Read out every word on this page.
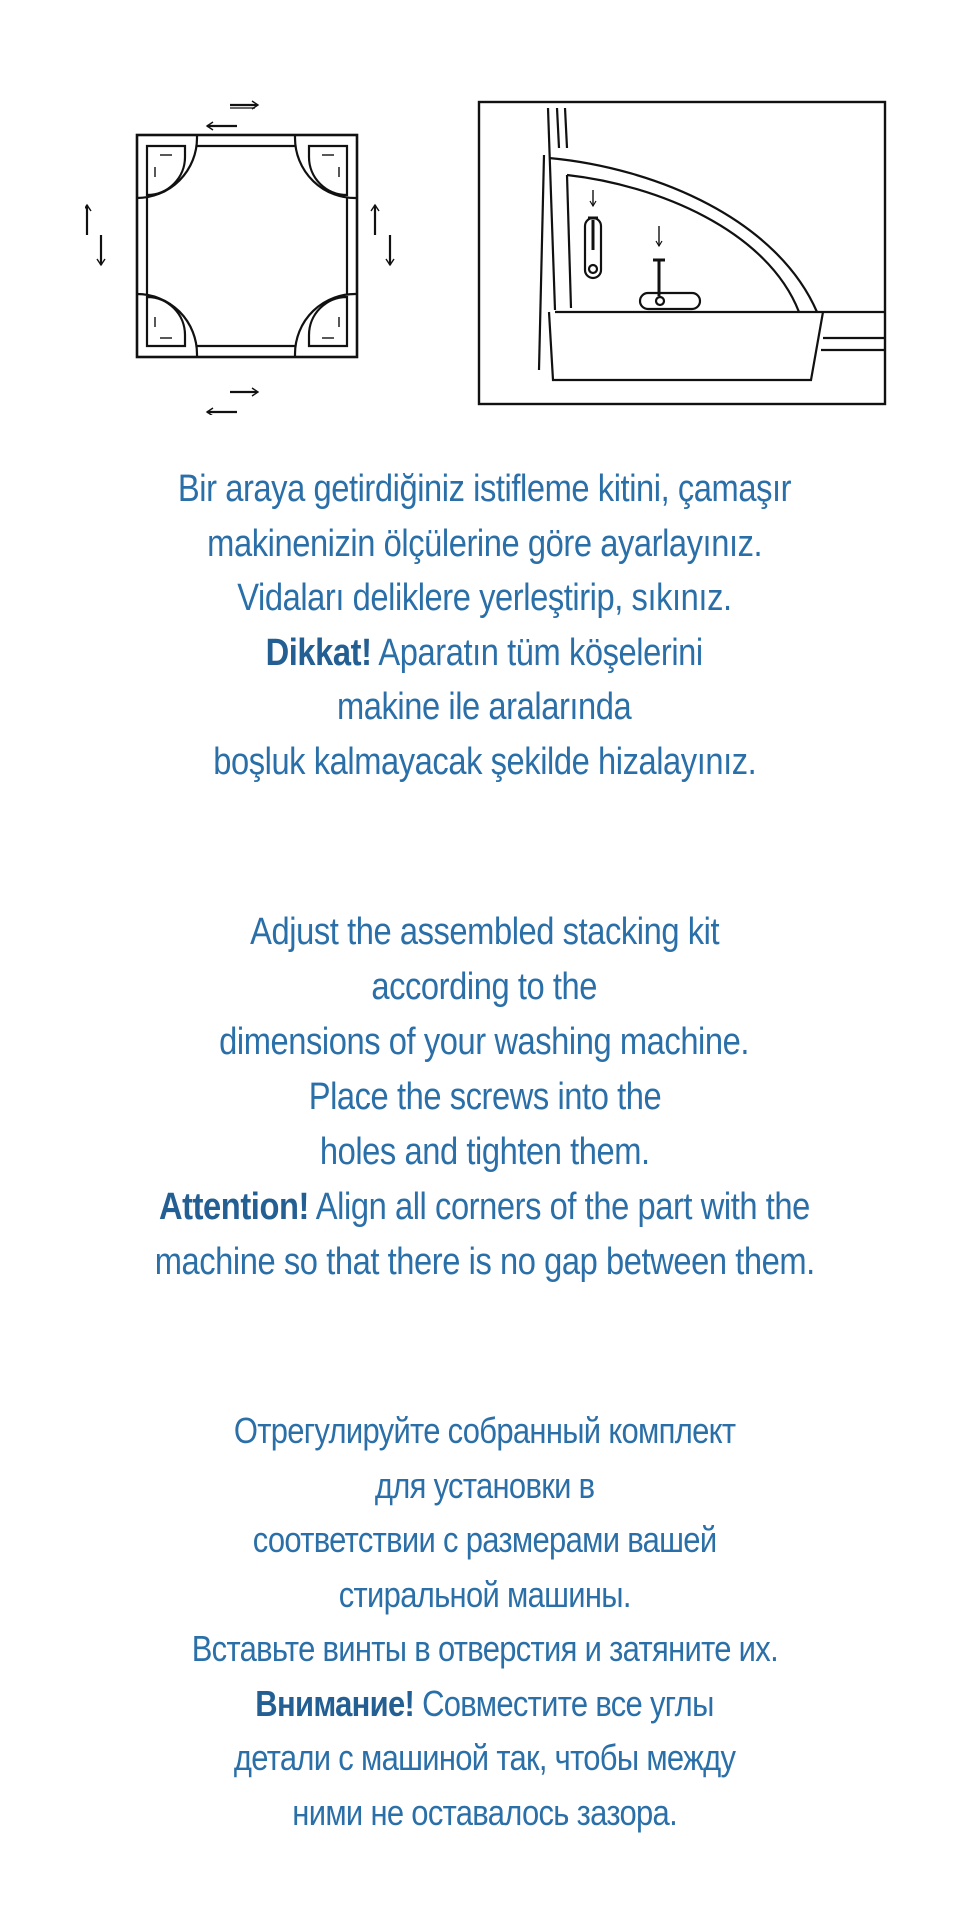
Bir araya getirdiğiniz istifleme kitini, çamaşır
makinenizin ölçülerine göre ayarlayınız.
Vidaları deliklere yerleştirip, sıkınız.
Dikkat! Aparatın tüm köşelerini
makine ile aralarında
boşluk kalmayacak şekilde hizalayınız.
Adjust the assembled stacking kit
according to the
dimensions of your washing machine.
Place the screws into the
holes and tighten them.
Attention! Align all corners of the part with the
machine so that there is no gap between them.
Отрегулируйте собранный комплект
для установки в
соответствии с размерами вашей
стиральной машины.
Вставьте винты в отверстия и затяните их.
Внимание! Совместите все углы
детали с машиной так, чтобы между
ними не оставалось зазора.
